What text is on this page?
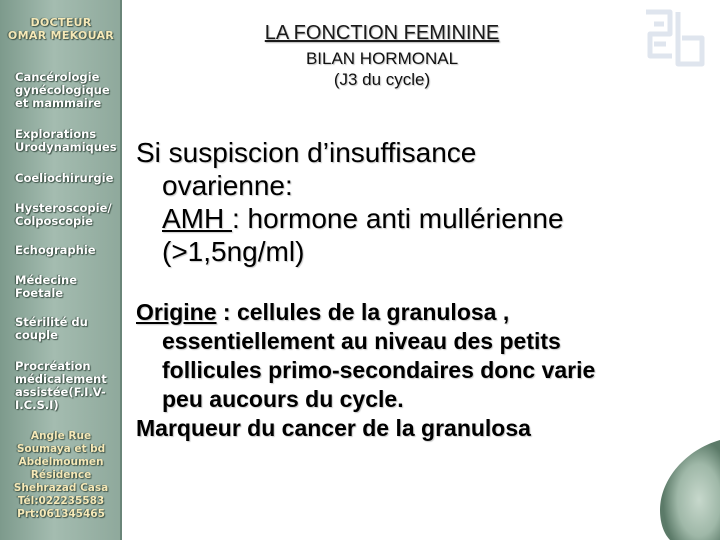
DOCTEUR
OMAR MEKOUAR
Cancérologie
gynécologique
et mammaire
Explorations
Urodynamiques
Coeliochirurgie
Hysteroscopie/
Colposcopie
Echographie
Médecine
Foetale
Stérilité du
couple
Procréation
médicalement
assistée(F.I.V-
I.C.S.I)
Angle Rue
Soumaya et bd
Abdelmoumen
Résidence
Shehrazad Casa
Tél:022235583
Prt:061345465
LA FONCTION FEMININE
BILAN HORMONAL
(J3 du cycle)
Si suspiscion d’insuffisance
ovarienne:
AMH : hormone anti mullérienne
(>1,5ng/ml)
Origine : cellules de la granulosa ,
essentiellement au niveau des petits
follicules primo-secondaires donc varie
peu aucours du cycle.
Marqueur du cancer de la granulosa
